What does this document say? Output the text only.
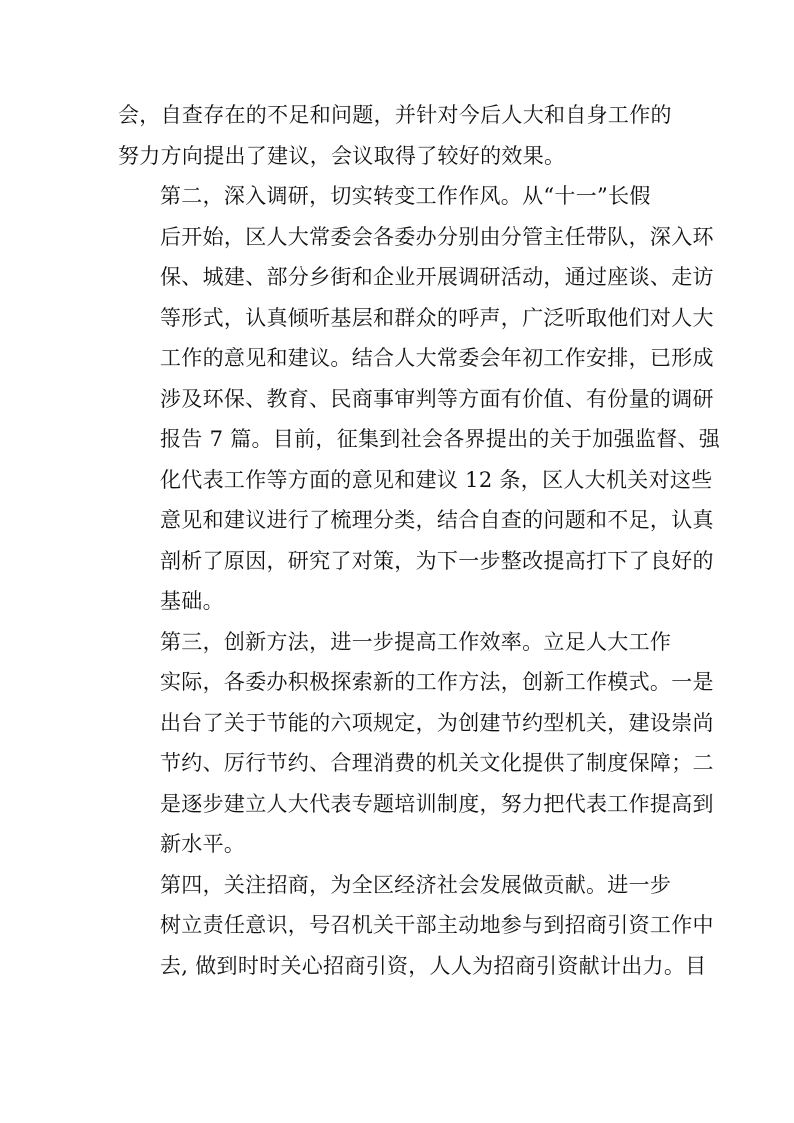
会，自查存在的不足和问题，并针对今后人大和自身工作的
努力方向提出了建议，会议取得了较好的效果。
第二，深入调研，切实转变工作作风。从“十一”长假
后开始，区人大常委会各委办分别由分管主任带队，深入环
保、城建、部分乡街和企业开展调研活动，通过座谈、走访
等形式，认真倾听基层和群众的呼声，广泛听取他们对人大
工作的意见和建议。结合人大常委会年初工作安排，已形成
涉及环保、教育、民商事审判等方面有价值、有份量的调研
报告 7 篇。目前，征集到社会各界提出的关于加强监督、强
化代表工作等方面的意见和建议 12 条，区人大机关对这些
意见和建议进行了梳理分类，结合自查的问题和不足，认真
剖析了原因，研究了对策，为下一步整改提高打下了良好的
基础。
第三，创新方法，进一步提高工作效率。立足人大工作
实际，各委办积极探索新的工作方法，创新工作模式。一是
出台了关于节能的六项规定，为创建节约型机关，建设崇尚
节约、厉行节约、合理消费的机关文化提供了制度保障；二
是逐步建立人大代表专题培训制度，努力把代表工作提高到
新水平。
第四，关注招商，为全区经济社会发展做贡献。进一步
树立责任意识，号召机关干部主动地参与到招商引资工作中
去, 做到时时关心招商引资，人人为招商引资献计出力。目
